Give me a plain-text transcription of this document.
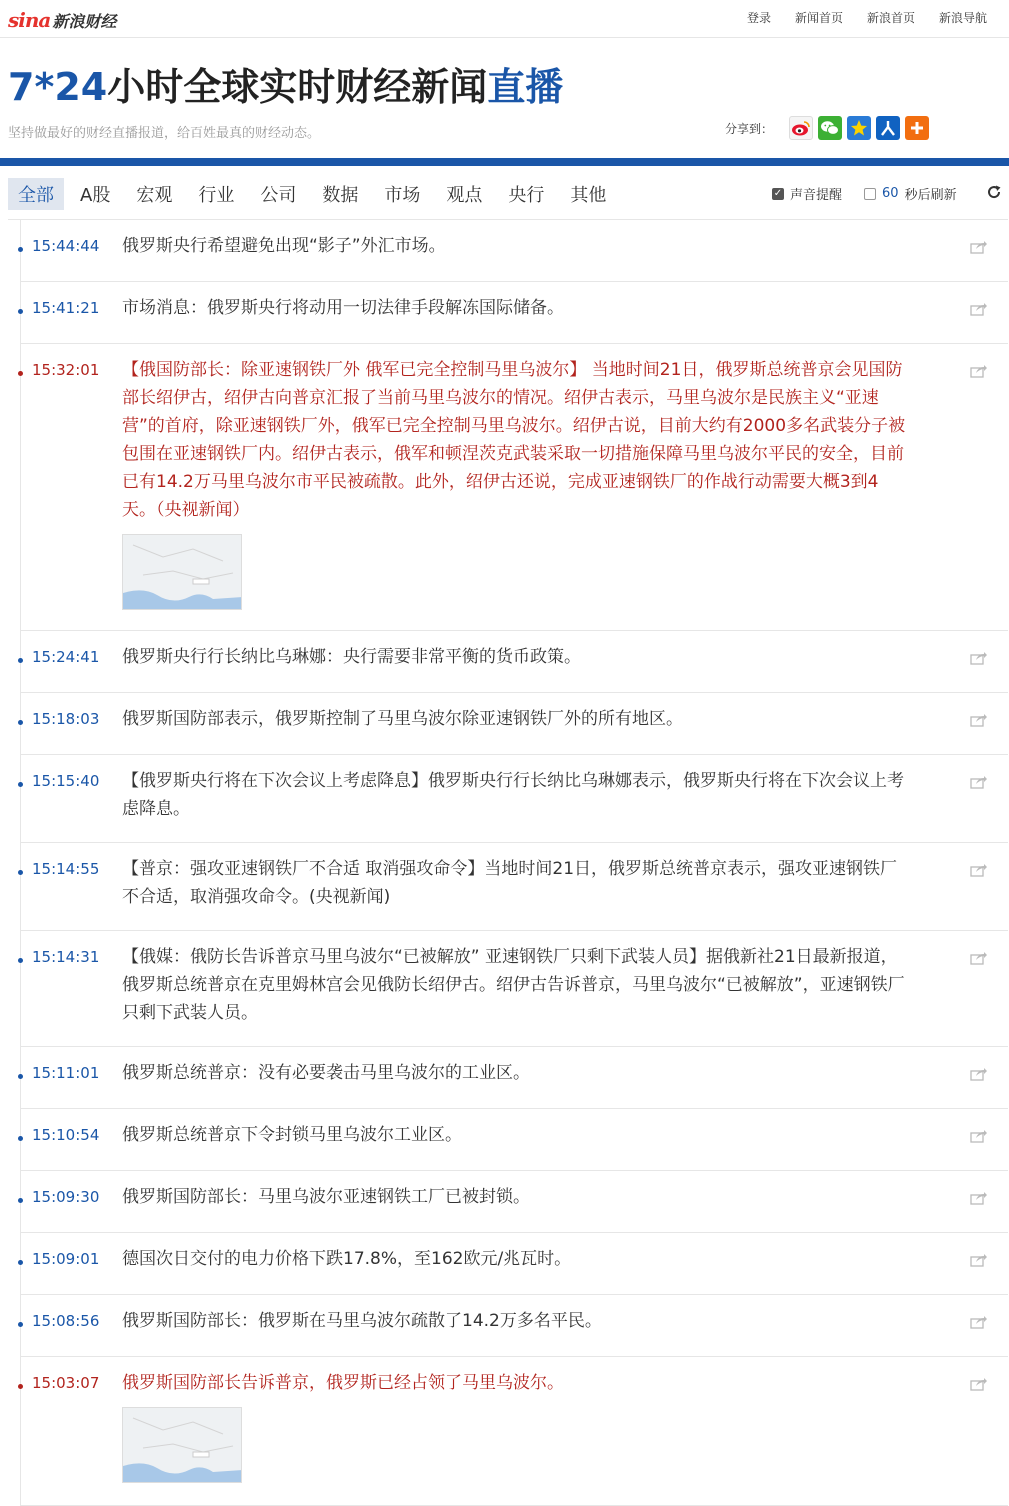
sina 新浪财经	登录 新闻首页 新浪首页 新浪导航
7*24小时全球实时财经新闻直播
坚持做最好的财经直播报道，给百姓最真的财经动态。	分享到：
全部	A股	宏观	行业	公司	数据	市场	观点	央行	其他	✓ 声音提醒	60 秒后刷新
15:44:44 俄罗斯央行希望避免出现“影子”外汇市场。
15:41:21 市场消息：俄罗斯央行将动用一切法律手段解冻国际储备。
15:32:01 【俄国防部长：除亚速钢铁厂外 俄军已完全控制马里乌波尔】 当地时间21日，俄罗斯总统普京会见国防部长绍伊古，绍伊古向普京汇报了当前马里乌波尔的情况。绍伊古表示，马里乌波尔是民族主义“亚速营”的首府，除亚速钢铁厂外，俄军已完全控制马里乌波尔。绍伊古说，目前大约有2000多名武装分子被包围在亚速钢铁厂内。绍伊古表示，俄军和顿涅茨克武装采取一切措施保障马里乌波尔平民的安全，目前已有14.2万马里乌波尔市平民被疏散。此外，绍伊古还说，完成亚速钢铁厂的作战行动需要大概3到4天。（央视新闻）
15:24:41 俄罗斯央行行长纳比乌琳娜：央行需要非常平衡的货币政策。
15:18:03 俄罗斯国防部表示，俄罗斯控制了马里乌波尔除亚速钢铁厂外的所有地区。
15:15:40 【俄罗斯央行将在下次会议上考虑降息】俄罗斯央行行长纳比乌琳娜表示，俄罗斯央行将在下次会议上考虑降息。
15:14:55 【普京：强攻亚速钢铁厂不合适 取消强攻命令】当地时间21日，俄罗斯总统普京表示，强攻亚速钢铁厂不合适，取消强攻命令。(央视新闻)
15:14:31 【俄媒：俄防长告诉普京马里乌波尔“已被解放” 亚速钢铁厂只剩下武装人员】据俄新社21日最新报道，俄罗斯总统普京在克里姆林宫会见俄防长绍伊古。绍伊古告诉普京，马里乌波尔“已被解放”，亚速钢铁厂只剩下武装人员。
15:11:01 俄罗斯总统普京：没有必要袭击马里乌波尔的工业区。
15:10:54 俄罗斯总统普京下令封锁马里乌波尔工业区。
15:09:30 俄罗斯国防部长：马里乌波尔亚速钢铁工厂已被封锁。
15:09:01 德国次日交付的电力价格下跌17.8%，至162欧元/兆瓦时。
15:08:56 俄罗斯国防部长：俄罗斯在马里乌波尔疏散了14.2万多名平民。
15:03:07 俄罗斯国防部长告诉普京，俄罗斯已经占领了马里乌波尔。
